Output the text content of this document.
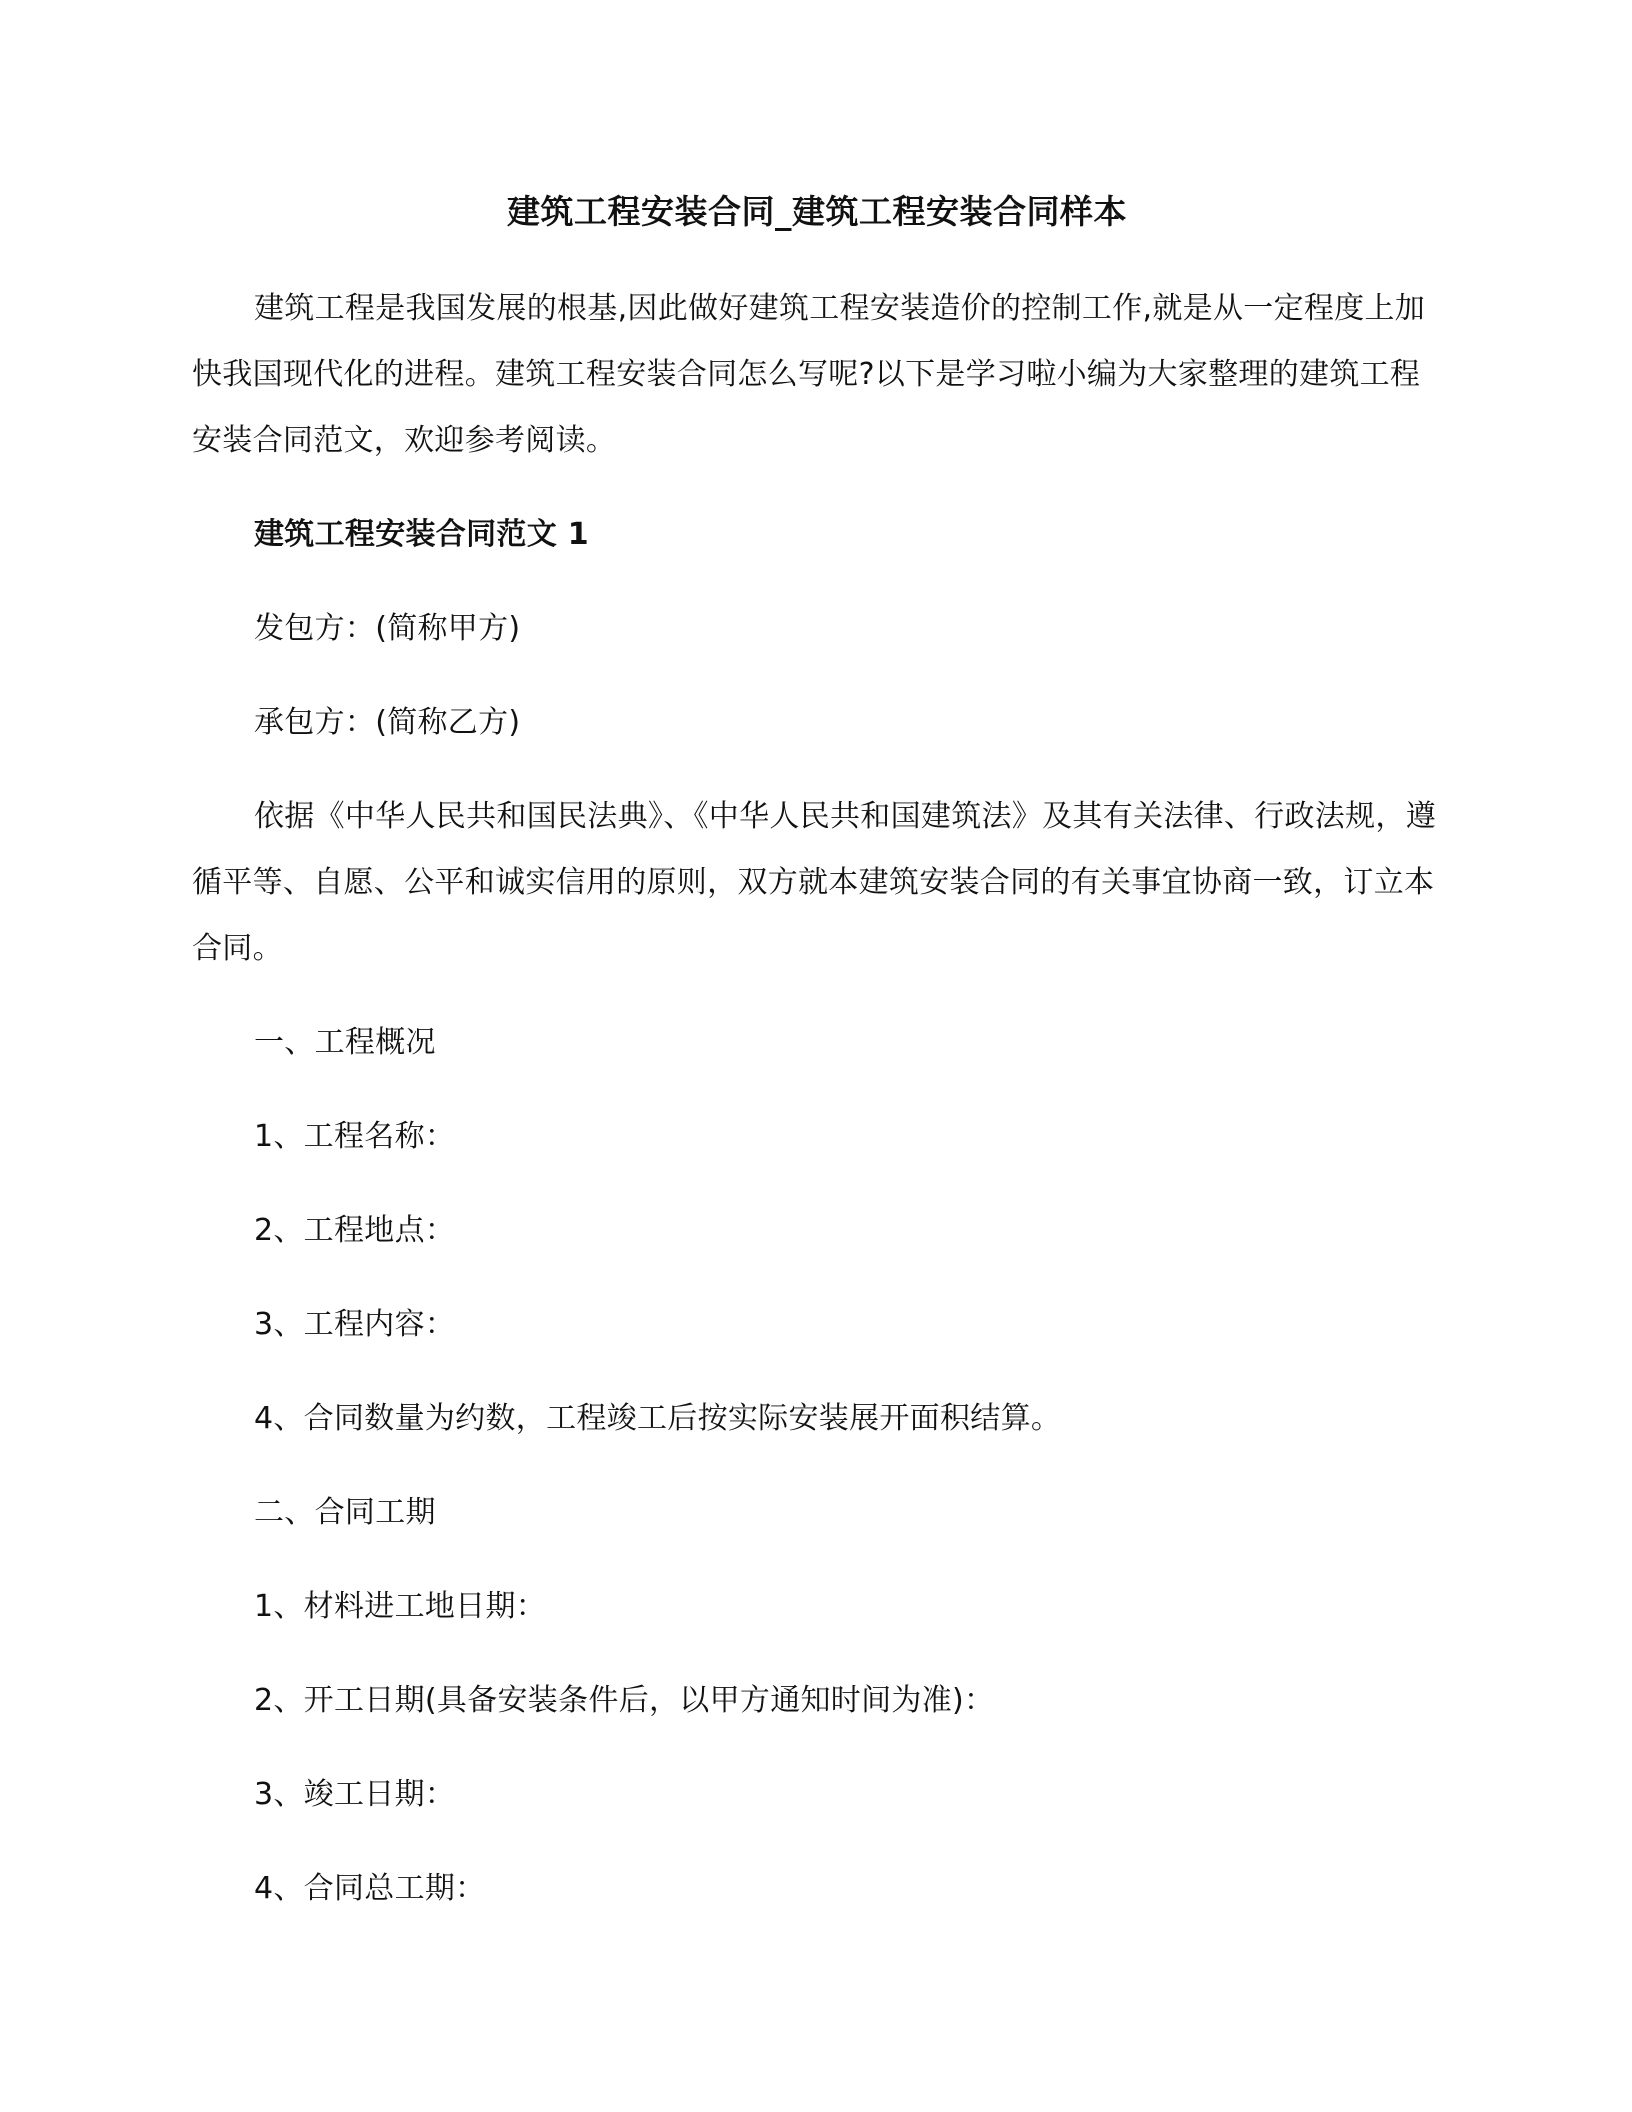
建筑工程安装合同_建筑工程安装合同样本

建筑工程是我国发展的根基,因此做好建筑工程安装造价的控制工作,就是从一定程度上加快我国现代化的进程。建筑工程安装合同怎么写呢?以下是学习啦小编为大家整理的建筑工程安装合同范文，欢迎参考阅读。

建筑工程安装合同范文 1

发包方：(简称甲方)

承包方：(简称乙方)

依据《中华人民共和国民法典》、《中华人民共和国建筑法》及其有关法律、行政法规，遵循平等、自愿、公平和诚实信用的原则，双方就本建筑安装合同的有关事宜协商一致，订立本合同。

一、工程概况

1、工程名称：

2、工程地点：

3、工程内容：

4、合同数量为约数，工程竣工后按实际安装展开面积结算。

二、合同工期

1、材料进工地日期：

2、开工日期(具备安装条件后，以甲方通知时间为准)：

3、竣工日期：

4、合同总工期：
